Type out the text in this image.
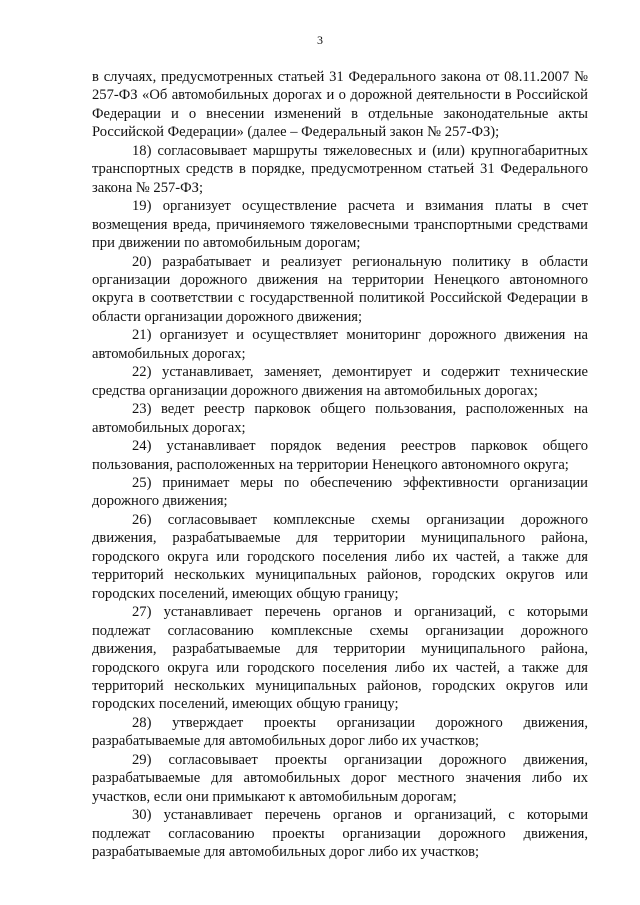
3

в случаях, предусмотренных статьей 31 Федерального закона от 08.11.2007 № 257-ФЗ «Об автомобильных дорогах и о дорожной деятельности в Российской Федерации и о внесении изменений в отдельные законодательные акты Российской Федерации» (далее – Федеральный закон № 257-ФЗ);

18) согласовывает маршруты тяжеловесных и (или) крупногабаритных транспортных средств в порядке, предусмотренном статьей 31 Федерального закона № 257-ФЗ;

19) организует осуществление расчета и взимания платы в счет возмещения вреда, причиняемого тяжеловесными транспортными средствами при движении по автомобильным дорогам;

20) разрабатывает и реализует региональную политику в области организации дорожного движения на территории Ненецкого автономного округа в соответствии с государственной политикой Российской Федерации в области организации дорожного движения;

21) организует и осуществляет мониторинг дорожного движения на автомобильных дорогах;

22) устанавливает, заменяет, демонтирует и содержит технические средства организации дорожного движения на автомобильных дорогах;

23) ведет реестр парковок общего пользования, расположенных на автомобильных дорогах;

24) устанавливает порядок ведения реестров парковок общего пользования, расположенных на территории Ненецкого автономного округа;

25) принимает меры по обеспечению эффективности организации дорожного движения;

26) согласовывает комплексные схемы организации дорожного движения, разрабатываемые для территории муниципального района, городского округа или городского поселения либо их частей, а также для территорий нескольких муниципальных районов, городских округов или городских поселений, имеющих общую границу;

27) устанавливает перечень органов и организаций, с которыми подлежат согласованию комплексные схемы организации дорожного движения, разрабатываемые для территории муниципального района, городского округа или городского поселения либо их частей, а также для территорий нескольких муниципальных районов, городских округов или городских поселений, имеющих общую границу;

28) утверждает проекты организации дорожного движения, разрабатываемые для автомобильных дорог либо их участков;

29) согласовывает проекты организации дорожного движения, разрабатываемые для автомобильных дорог местного значения либо их участков, если они примыкают к автомобильным дорогам;

30) устанавливает перечень органов и организаций, с которыми подлежат согласованию проекты организации дорожного движения, разрабатываемые для автомобильных дорог либо их участков;
